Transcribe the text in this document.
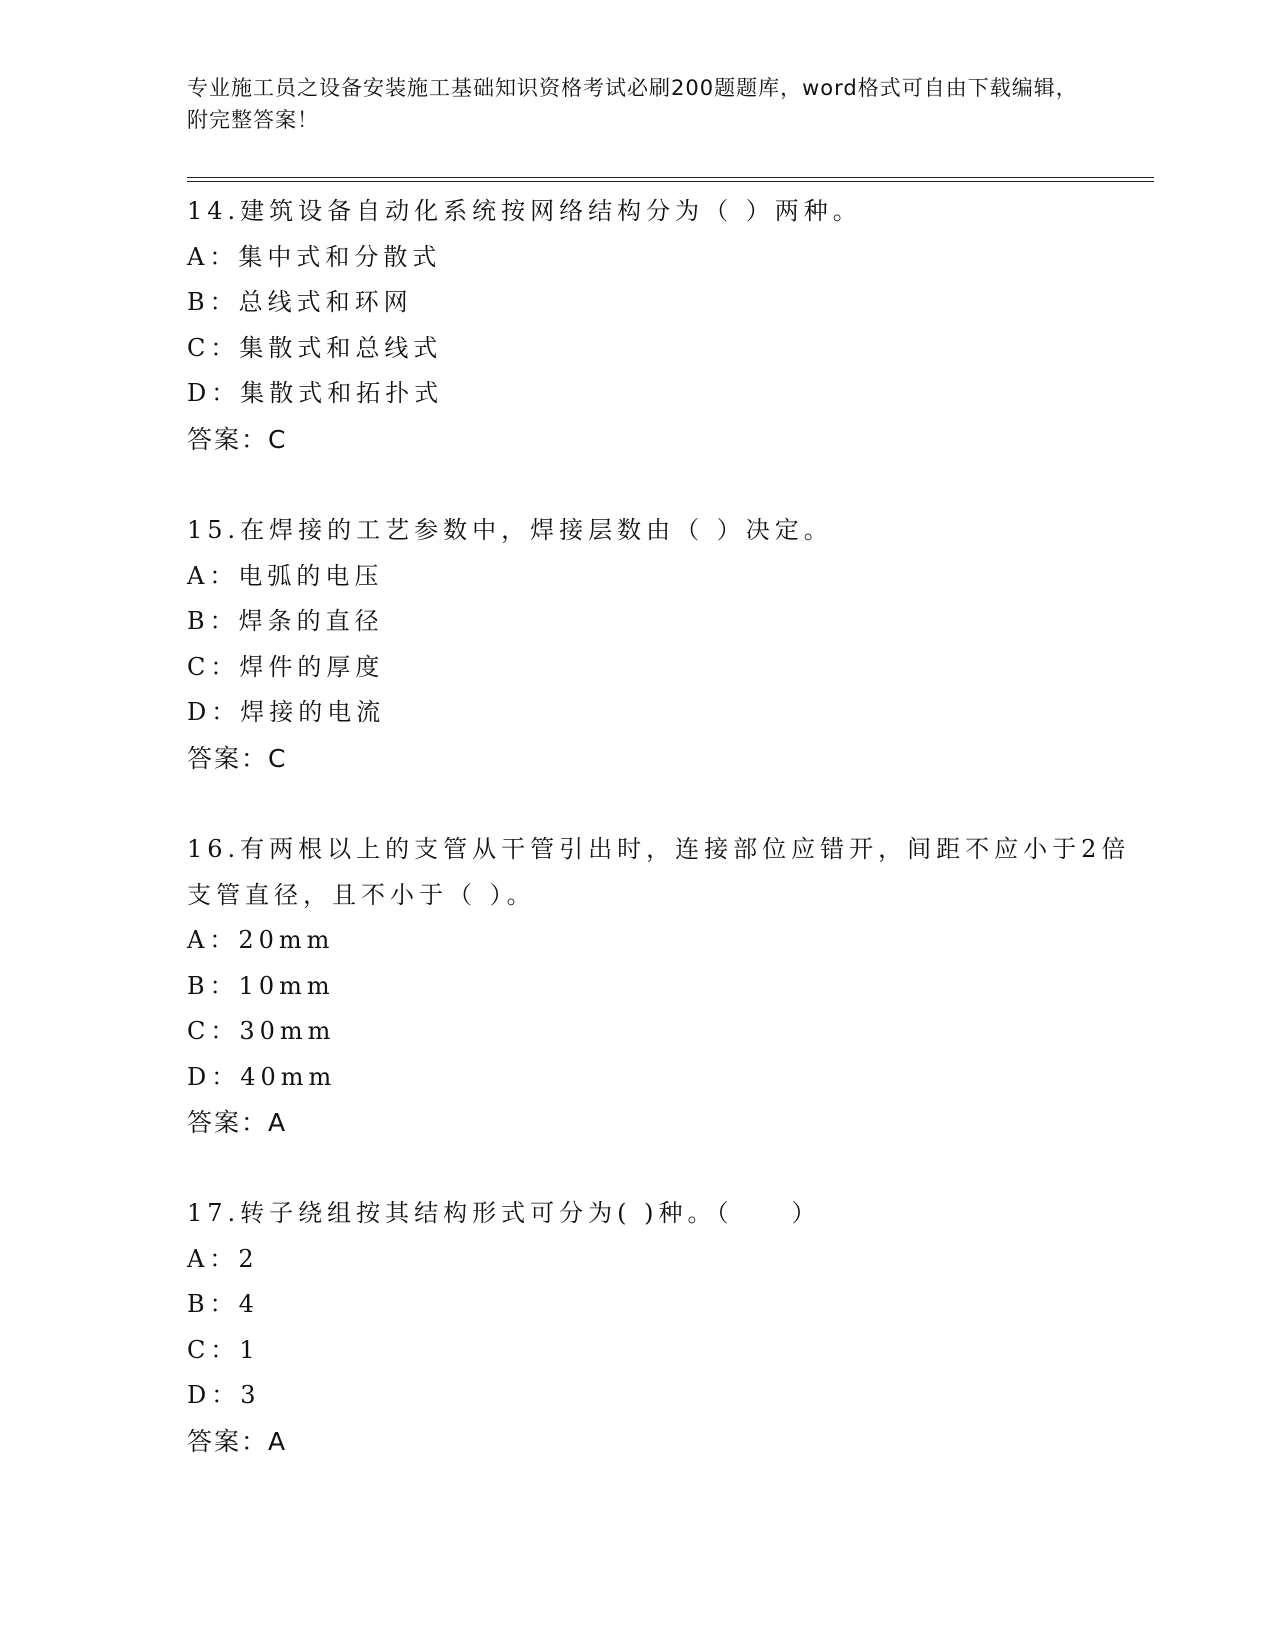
专业施工员之设备安装施工基础知识资格考试必刷200题题库，word格式可自由下载编辑，附完整答案！

14.建筑设备自动化系统按网络结构分为（ ）两种。

A：集中式和分散式

B：总线式和环网

C：集散式和总线式

D：集散式和拓扑式

答案：C

15.在焊接的工艺参数中，焊接层数由（ ）决定。

A：电弧的电压

B：焊条的直径

C：焊件的厚度

D：焊接的电流

答案：C

16.有两根以上的支管从干管引出时，连接部位应错开，间距不应小于2倍支管直径，且不小于（ ）。

A：20mm

B：10mm

C：30mm

D：40mm

答案：A

17.转子绕组按其结构形式可分为( )种。（　　）

A：2

B：4

C：1

D：3

答案：A
